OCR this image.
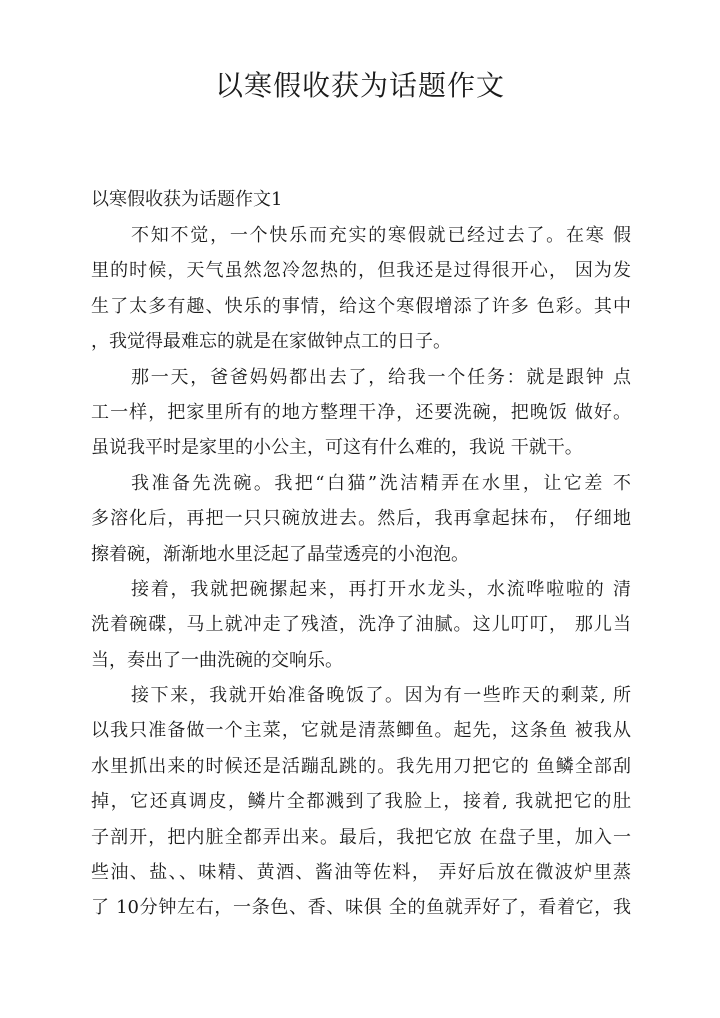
以寒假收获为话题作文
以寒假收获为话题作文1
不知不觉，一个快乐而充实的寒假就已经过去了。在寒 假
里的时候，天气虽然忽冷忽热的，但我还是过得很开心， 因为发
生了太多有趣、快乐的事情，给这个寒假增添了许多 色彩。其中
，我觉得最难忘的就是在家做钟点工的日子。
那一天，爸爸妈妈都出去了，给我一个任务：就是跟钟 点
工一样，把家里所有的地方整理干净，还要洗碗，把晚饭 做好。
虽说我平时是家里的小公主，可这有什么难的，我说 干就干。
我准备先洗碗。我把“白猫”洗洁精弄在水里，让它差 不
多溶化后，再把一只只碗放进去。然后，我再拿起抹布， 仔细地
擦着碗，渐渐地水里泛起了晶莹透亮的小泡泡。
接着，我就把碗摞起来，再打开水龙头，水流哗啦啦的 清
洗着碗碟，马上就冲走了残渣，洗净了油腻。这儿叮叮， 那儿当
当，奏出了一曲洗碗的交响乐。
接下来，我就开始准备晚饭了。因为有一些昨天的剩菜, 所
以我只准备做一个主菜，它就是清蒸鲫鱼。起先，这条鱼 被我从
水里抓出来的时候还是活蹦乱跳的。我先用刀把它的 鱼鳞全部刮
掉，它还真调皮，鳞片全都溅到了我脸上，接着, 我就把它的肚
子剖开，把内脏全都弄出来。最后，我把它放 在盘子里，加入一
些油、盐、、味精、黄酒、酱油等佐料， 弄好后放在微波炉里蒸
了 10分钟左右，一条色、香、味俱 全的鱼就弄好了，看着它，我
